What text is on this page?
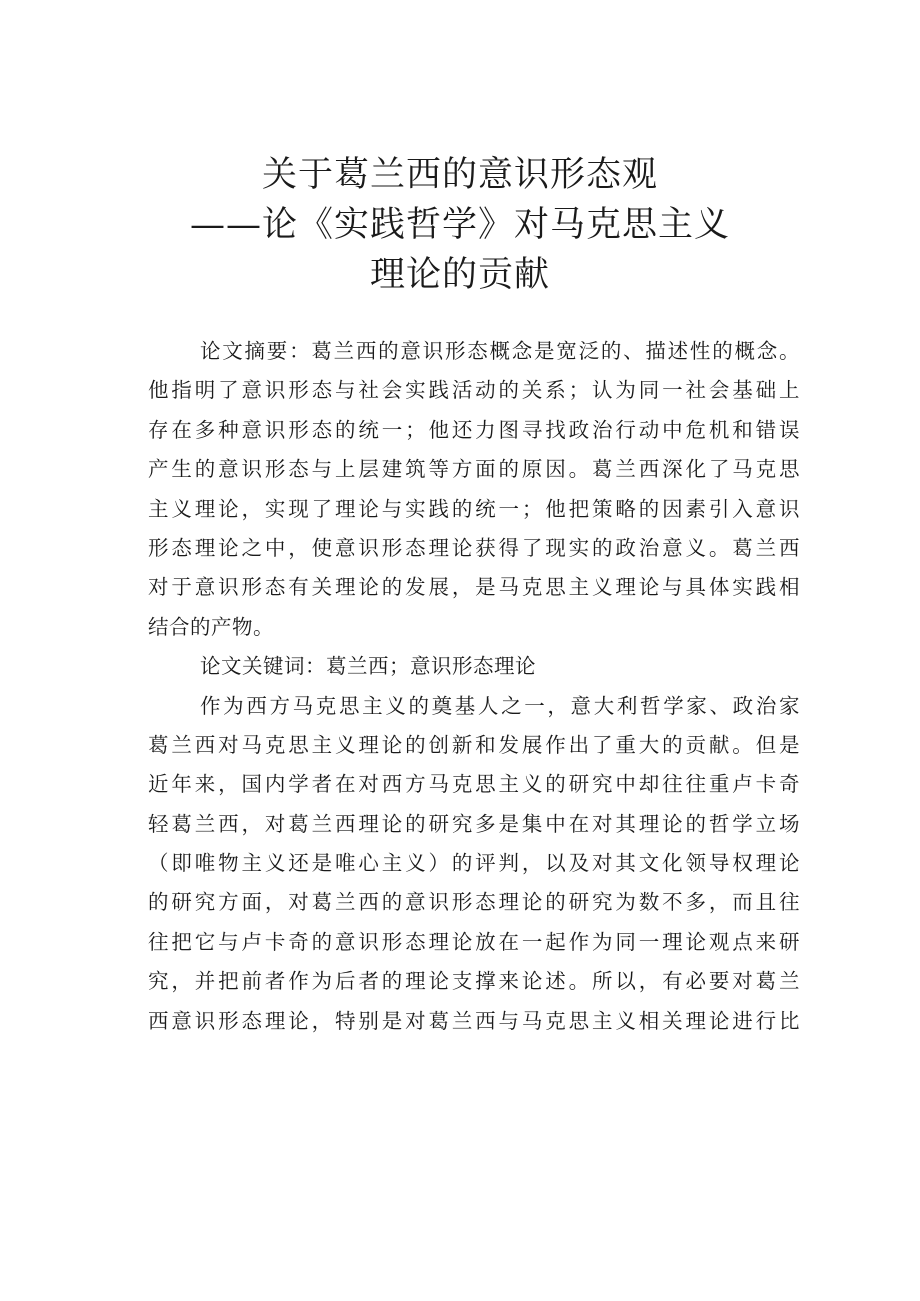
关于葛兰西的意识形态观
——论《实践哲学》对马克思主义
理论的贡献
论文摘要：葛兰西的意识形态概念是宽泛的、描述性的概念。
他指明了意识形态与社会实践活动的关系；认为同一社会基础上
存在多种意识形态的统一；他还力图寻找政治行动中危机和错误
产生的意识形态与上层建筑等方面的原因。葛兰西深化了马克思
主义理论，实现了理论与实践的统一；他把策略的因素引入意识
形态理论之中，使意识形态理论获得了现实的政治意义。葛兰西
对于意识形态有关理论的发展，是马克思主义理论与具体实践相
结合的产物。
论文关键词：葛兰西；意识形态理论
作为西方马克思主义的奠基人之一，意大利哲学家、政治家
葛兰西对马克思主义理论的创新和发展作出了重大的贡献。但是
近年来，国内学者在对西方马克思主义的研究中却往往重卢卡奇
轻葛兰西，对葛兰西理论的研究多是集中在对其理论的哲学立场
（即唯物主义还是唯心主义）的评判，以及对其文化领导权理论
的研究方面，对葛兰西的意识形态理论的研究为数不多，而且往
往把它与卢卡奇的意识形态理论放在一起作为同一理论观点来研
究，并把前者作为后者的理论支撑来论述。所以，有必要对葛兰
西意识形态理论，特别是对葛兰西与马克思主义相关理论进行比
